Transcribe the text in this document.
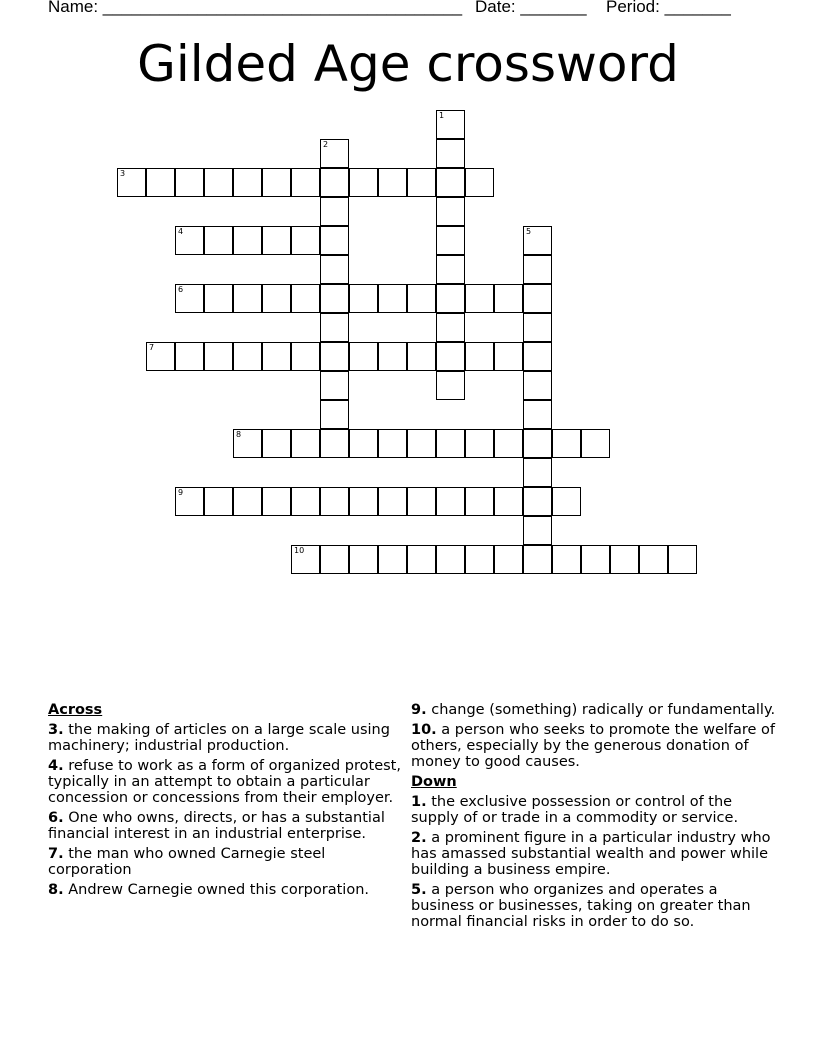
Name: ______________________________________ Date: _______ Period: _______
Gilded Age crossword
1
2
3
4	5
6
7
8
9
10
Across
3. the making of articles on a large scale using machinery; industrial production.
4. refuse to work as a form of organized protest, typically in an attempt to obtain a particular concession or concessions from their employer.
6. One who owns, directs, or has a substantial financial interest in an industrial enterprise.
7. the man who owned Carnegie steel corporation
8. Andrew Carnegie owned this corporation.
9. change (something) radically or fundamentally.
10. a person who seeks to promote the welfare of others, especially by the generous donation of money to good causes.
Down
1. the exclusive possession or control of the supply of or trade in a commodity or service.
2. a prominent figure in a particular industry who has amassed substantial wealth and power while building a business empire.
5. a person who organizes and operates a business or businesses, taking on greater than normal financial risks in order to do so.
